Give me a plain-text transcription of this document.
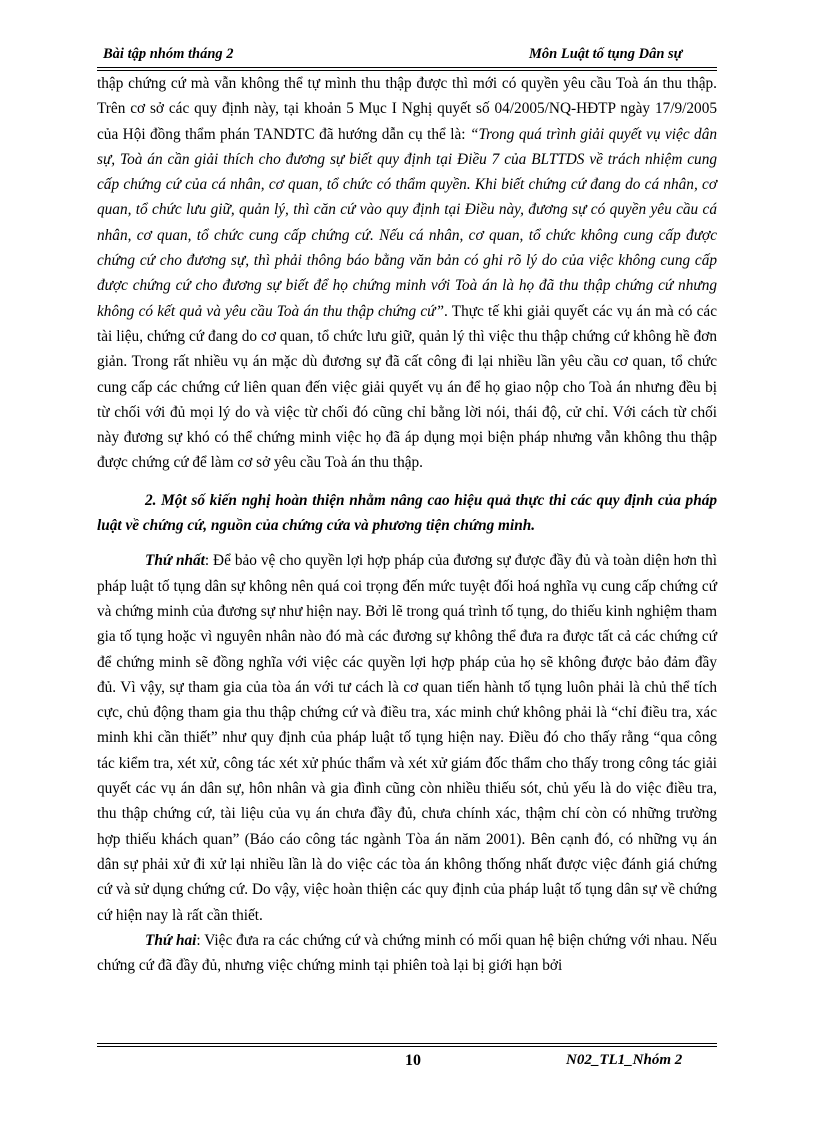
Bài tập nhóm tháng 2	Môn Luật tố tụng Dân sự

thập chứng cứ mà vẫn không thể tự mình thu thập được thì mới có quyền yêu cầu Toà án thu thập. Trên cơ sở các quy định này, tại khoản 5 Mục I Nghị quyết số 04/2005/NQ-HĐTP ngày 17/9/2005 của Hội đồng thẩm phán TANDTC đã hướng dẫn cụ thể là: “Trong quá trình giải quyết vụ việc dân sự, Toà án cần giải thích cho đương sự biết quy định tại Điều 7 của BLTTDS về trách nhiệm cung cấp chứng cứ của cá nhân, cơ quan, tổ chức có thẩm quyền. Khi biết chứng cứ đang do cá nhân, cơ quan, tổ chức lưu giữ, quản lý, thì căn cứ vào quy định tại Điều này, đương sự có quyền yêu cầu cá nhân, cơ quan, tổ chức cung cấp chứng cứ. Nếu cá nhân, cơ quan, tổ chức không cung cấp được chứng cứ cho đương sự, thì phải thông báo bằng văn bản có ghi rõ lý do của việc không cung cấp được chứng cứ cho đương sự biết để họ chứng minh với Toà án là họ đã thu thập chứng cứ nhưng không có kết quả và yêu cầu Toà án thu thập chứng cứ”. Thực tế khi giải quyết các vụ án mà có các tài liệu, chứng cứ đang do cơ quan, tổ chức lưu giữ, quản lý thì việc thu thập chứng cứ không hề đơn giản. Trong rất nhiều vụ án mặc dù đương sự đã cất công đi lại nhiều lần yêu cầu cơ quan, tổ chức cung cấp các chứng cứ liên quan đến việc giải quyết vụ án để họ giao nộp cho Toà án nhưng đều bị từ chối với đủ mọi lý do và việc từ chối đó cũng chỉ bằng lời nói, thái độ, cử chỉ. Với cách từ chối này đương sự khó có thể chứng minh việc họ đã áp dụng mọi biện pháp nhưng vẫn không thu thập được chứng cứ để làm cơ sở yêu cầu Toà án thu thập.

2. Một số kiến nghị hoàn thiện nhằm nâng cao hiệu quả thực thi các quy định của pháp luật về chứng cứ, nguồn của chứng cứa và phương tiện chứng minh.

Thứ nhất: Để bảo vệ cho quyền lợi hợp pháp của đương sự được đầy đủ và toàn diện hơn thì pháp luật tố tụng dân sự không nên quá coi trọng đến mức tuyệt đối hoá nghĩa vụ cung cấp chứng cứ và chứng minh của đương sự như hiện nay. Bởi lẽ trong quá trình tố tụng, do thiếu kinh nghiệm tham gia tố tụng hoặc vì nguyên nhân nào đó mà các đương sự không thể đưa ra được tất cả các chứng cứ để chứng minh sẽ đồng nghĩa với việc các quyền lợi hợp pháp của họ sẽ không được bảo đảm đầy đủ. Vì vậy, sự tham gia của tòa án với tư cách là cơ quan tiến hành tố tụng luôn phải là chủ thể tích cực, chủ động tham gia thu thập chứng cứ và điều tra, xác minh chứ không phải là “chỉ điều tra, xác minh khi cần thiết” như quy định của pháp luật tố tụng hiện nay. Điều đó cho thấy rằng “qua công tác kiểm tra, xét xử, công tác xét xử phúc thẩm và xét xử giám đốc thẩm cho thấy trong công tác giải quyết các vụ án dân sự, hôn nhân và gia đình cũng còn nhiều thiếu sót, chủ yếu là do việc điều tra, thu thập chứng cứ, tài liệu của vụ án chưa đầy đủ, chưa chính xác, thậm chí còn có những trường hợp thiếu khách quan” (Báo cáo công tác ngành Tòa án năm 2001). Bên cạnh đó, có những vụ án dân sự phải xử đi xử lại nhiều lần là do việc các tòa án không thống nhất được việc đánh giá chứng cứ và sử dụng chứng cứ. Do vậy, việc hoàn thiện các quy định của pháp luật tố tụng dân sự về chứng cứ hiện nay là rất cần thiết.

Thứ hai: Việc đưa ra các chứng cứ và chứng minh có mối quan hệ biện chứng với nhau. Nếu chứng cứ đã đầy đủ, nhưng việc chứng minh tại phiên toà lại bị giới hạn bởi

10	N02_TL1_Nhóm 2
